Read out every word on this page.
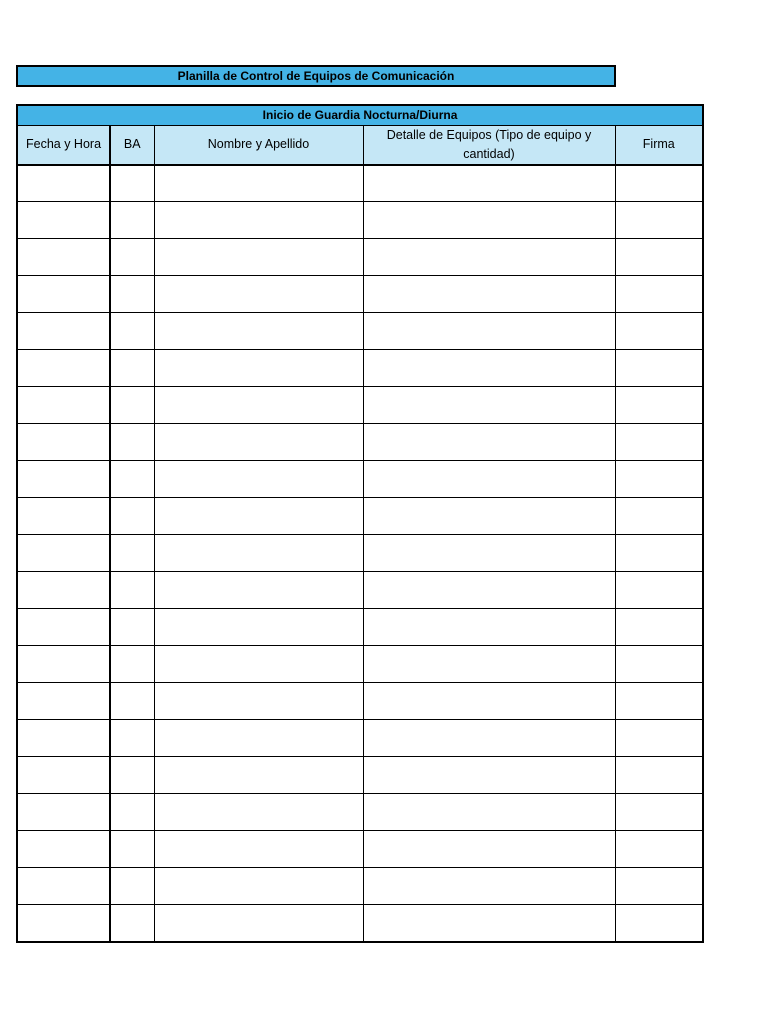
Planilla de Control de Equipos de Comunicación
Inicio de Guardia Nocturna/Diurna				
Fecha y Hora	BA	Nombre y Apellido	Detalle de Equipos (Tipo de equipo y cantidad)	Firma
